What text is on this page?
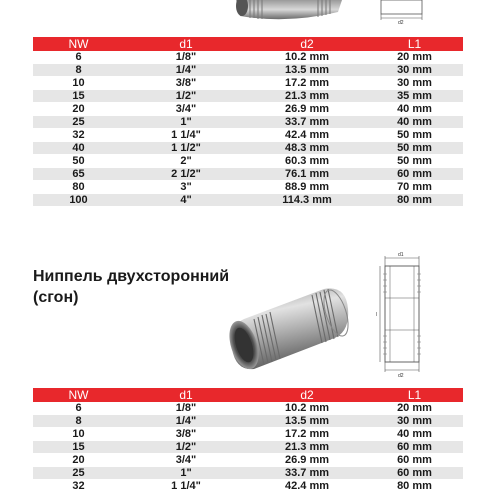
d2
NW	d1	d2	L1
6	1/8"	10.2 mm	20 mm
8	1/4"	13.5 mm	30 mm
10	3/8"	17.2 mm	30 mm
15	1/2"	21.3 mm	35 mm
20	3/4"	26.9 mm	40 mm
25	1"	33.7 mm	40 mm
32	1 1/4"	42.4 mm	50 mm
40	1 1/2"	48.3 mm	50 mm
50	2"	60.3 mm	50 mm
65	2 1/2"	76.1 mm	60 mm
80	3"	88.9 mm	70 mm
100	4"	114.3 mm	80 mm
Ниппель двухсторонний
(сгон)
d1
l
d2
NW	d1	d2	L1
6	1/8"	10.2 mm	20 mm
8	1/4"	13.5 mm	30 mm
10	3/8"	17.2 mm	40 mm
15	1/2"	21.3 mm	60 mm
20	3/4"	26.9 mm	60 mm
25	1"	33.7 mm	60 mm
32	1 1/4"	42.4 mm	80 mm
